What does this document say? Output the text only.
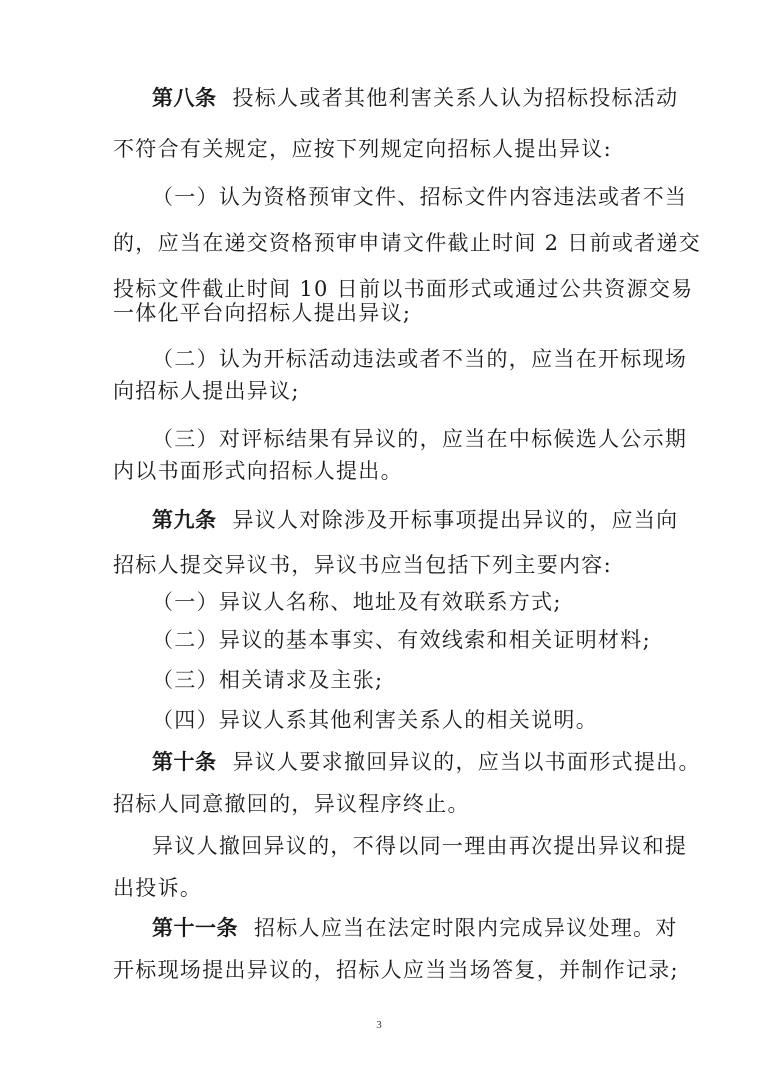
第八条 投标人或者其他利害关系人认为招标投标活动
不符合有关规定，应按下列规定向招标人提出异议:
（一）认为资格预审文件、招标文件内容违法或者不当
的，应当在递交资格预审申请文件截止时间 2 日前或者递交
投标文件截止时间 10 日前以书面形式或通过公共资源交易
一体化平台向招标人提出异议;
（二）认为开标活动违法或者不当的，应当在开标现场
向招标人提出异议;
（三）对评标结果有异议的，应当在中标候选人公示期
内以书面形式向招标人提出。
第九条 异议人对除涉及开标事项提出异议的，应当向
招标人提交异议书，异议书应当包括下列主要内容:
（一）异议人名称、地址及有效联系方式;
（二）异议的基本事实、有效线索和相关证明材料;
（三）相关请求及主张;
（四）异议人系其他利害关系人的相关说明。
第十条 异议人要求撤回异议的，应当以书面形式提出。
招标人同意撤回的，异议程序终止。
异议人撤回异议的，不得以同一理由再次提出异议和提
出投诉。
第十一条 招标人应当在法定时限内完成异议处理。对
开标现场提出异议的，招标人应当当场答复，并制作记录;
3
